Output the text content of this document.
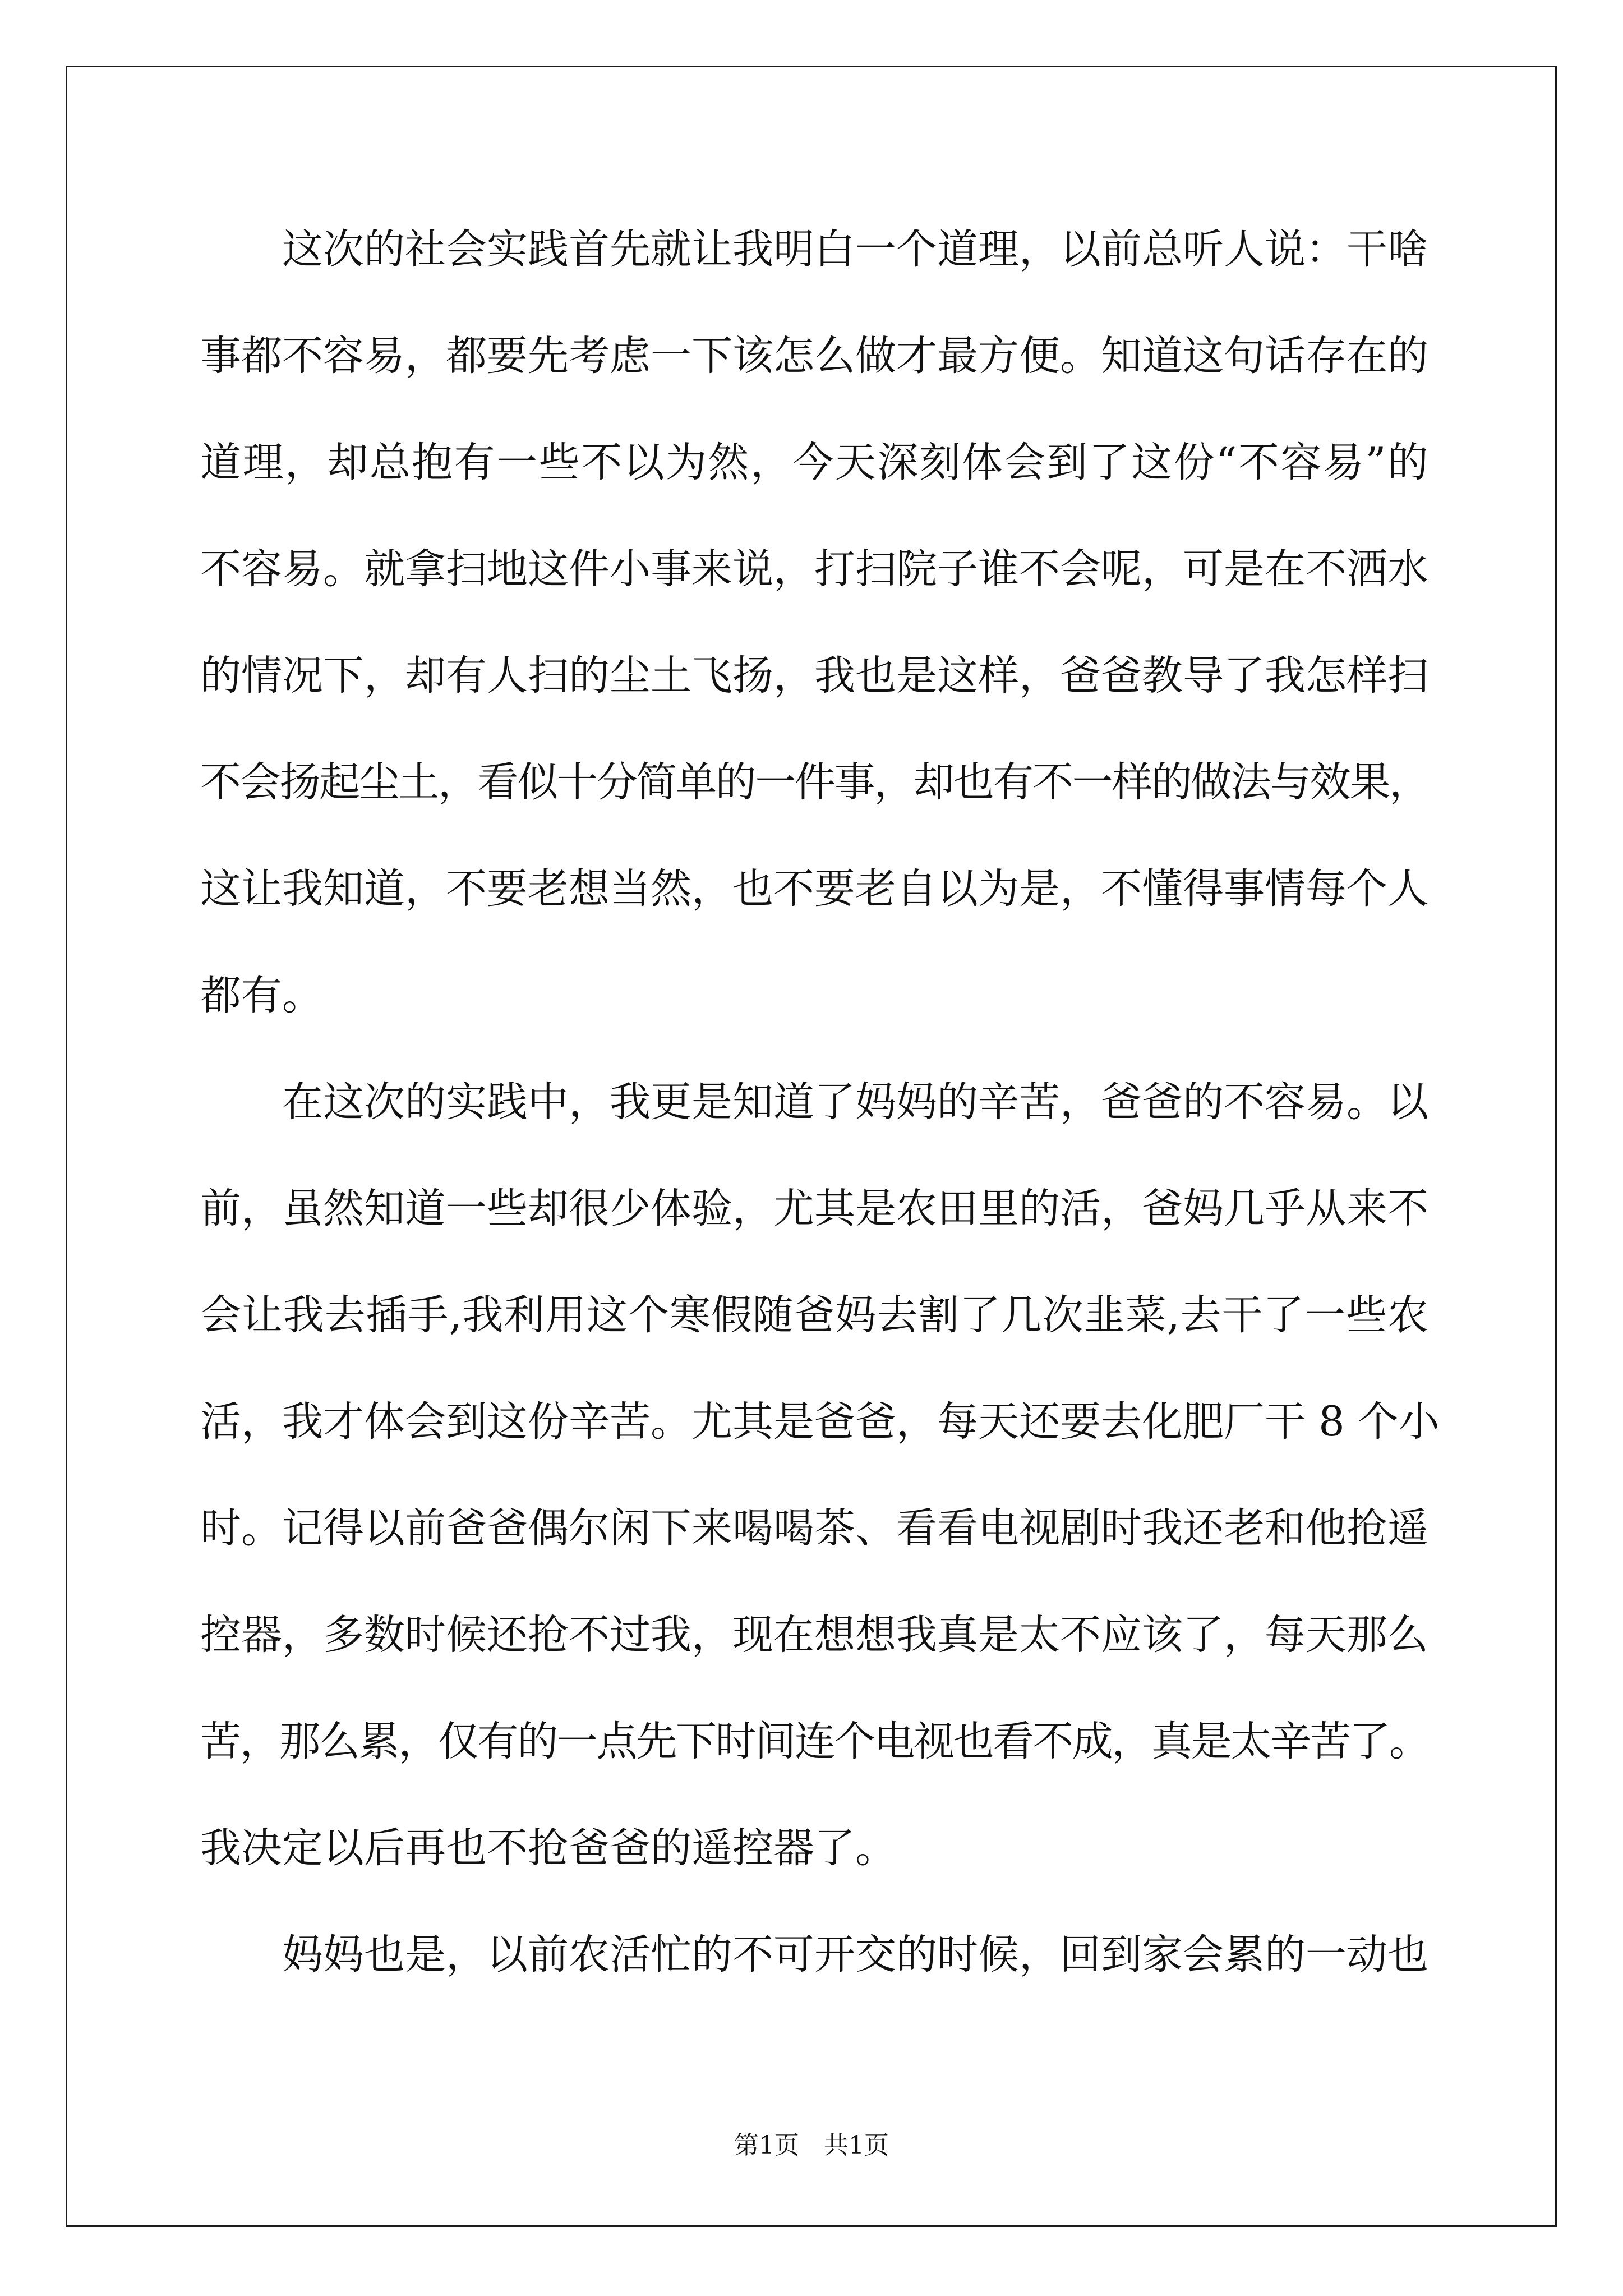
这次的社会实践首先就让我明白一个道理，以前总听人说：干啥
事都不容易，都要先考虑一下该怎么做才最方便。知道这句话存在的
道理，却总抱有一些不以为然，今天深刻体会到了这份“不容易”的
不容易。就拿扫地这件小事来说，打扫院子谁不会呢，可是在不洒水
的情况下，却有人扫的尘土飞扬，我也是这样，爸爸教导了我怎样扫
不会扬起尘土，看似十分简单的一件事，却也有不一样的做法与效果，
这让我知道，不要老想当然，也不要老自以为是，不懂得事情每个人
都有。
在这次的实践中，我更是知道了妈妈的辛苦，爸爸的不容易。以
前，虽然知道一些却很少体验，尤其是农田里的活，爸妈几乎从来不
会让我去插手,我利用这个寒假随爸妈去割了几次韭菜,去干了一些农
活，我才体会到这份辛苦。尤其是爸爸，每天还要去化肥厂干 8 个小
时。记得以前爸爸偶尔闲下来喝喝茶、看看电视剧时我还老和他抢遥
控器，多数时候还抢不过我，现在想想我真是太不应该了，每天那么
苦，那么累，仅有的一点先下时间连个电视也看不成，真是太辛苦了。
我决定以后再也不抢爸爸的遥控器了。
妈妈也是，以前农活忙的不可开交的时候，回到家会累的一动也
第1页　共1页
